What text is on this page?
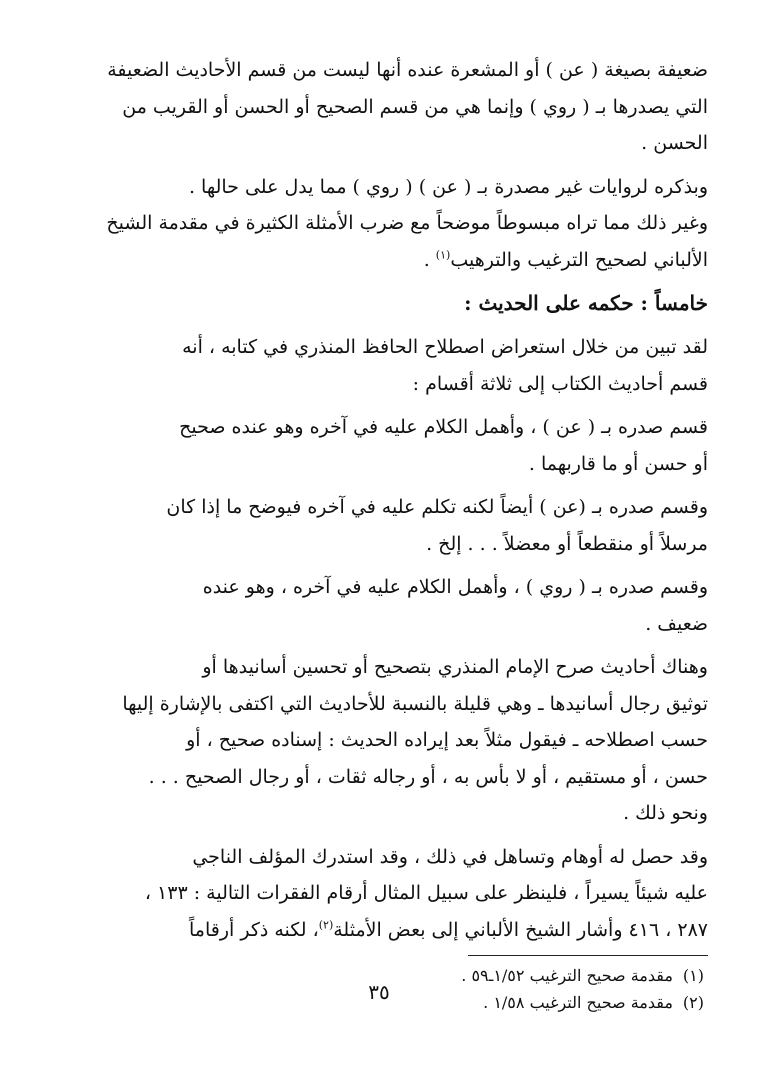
ضعيفة بصيغة ( عن ) أو المشعرة عنده أنها ليست من قسم الأحاديث الضعيفة
التي يصدرها بـ ( روي ) وإنما هي من قسم الصحيح أو الحسن أو القريب من
الحسن .
وبذكره لروايات غير مصدرة بـ ( عن ) ( روي ) مما يدل على حالها .
وغير ذلك مما تراه مبسوطاً موضحاً مع ضرب الأمثلة الكثيرة في مقدمة الشيخ
الألباني لصحيح الترغيب والترهيب$^{(١)}$ .
خامساً : حكمه على الحديث :
لقد تبين من خلال استعراض اصطلاح الحافظ المنذري في كتابه ، أنه
قسم أحاديث الكتاب إلى ثلاثة أقسام :
قسم صدره بـ ( عن ) ، وأهمل الكلام عليه في آخره وهو عنده صحيح
أو حسن أو ما قاربهما .
وقسم صدره بـ (عن ) أيضاً لكنه تكلم عليه في آخره فيوضح ما إذا كان
مرسلاً أو منقطعاً أو معضلاً . . . إلخ .
وقسم صدره بـ ( روي ) ، وأهمل الكلام عليه في آخره ، وهو عنده
ضعيف .
وهناك أحاديث صرح الإمام المنذري بتصحيح أو تحسين أسانيدها أو
توثيق رجال أسانيدها ـ وهي قليلة بالنسبة للأحاديث التي اكتفى بالإشارة إليها
حسب اصطلاحه ـ فيقول مثلاً بعد إيراده الحديث : إسناده صحيح ، أو
حسن ، أو مستقيم ، أو لا بأس به ، أو رجاله ثقات ، أو رجال الصحيح . . .
ونحو ذلك .
وقد حصل له أوهام وتساهل في ذلك ، وقد استدرك المؤلف الناجي
عليه شيئاً يسيراً ، فلينظر على سبيل المثال أرقام الفقرات التالية : ١٣٣ ،
٢٨٧ ، ٤١٦ وأشار الشيخ الألباني إلى بعض الأمثلة$^{(٢)}$، لكنه ذكر أرقاماً
(١)مقدمة صحيح الترغيب ١/٥٢ـ٥٩ .
(٢)مقدمة صحيح الترغيب ١/٥٨ .
٣٥
